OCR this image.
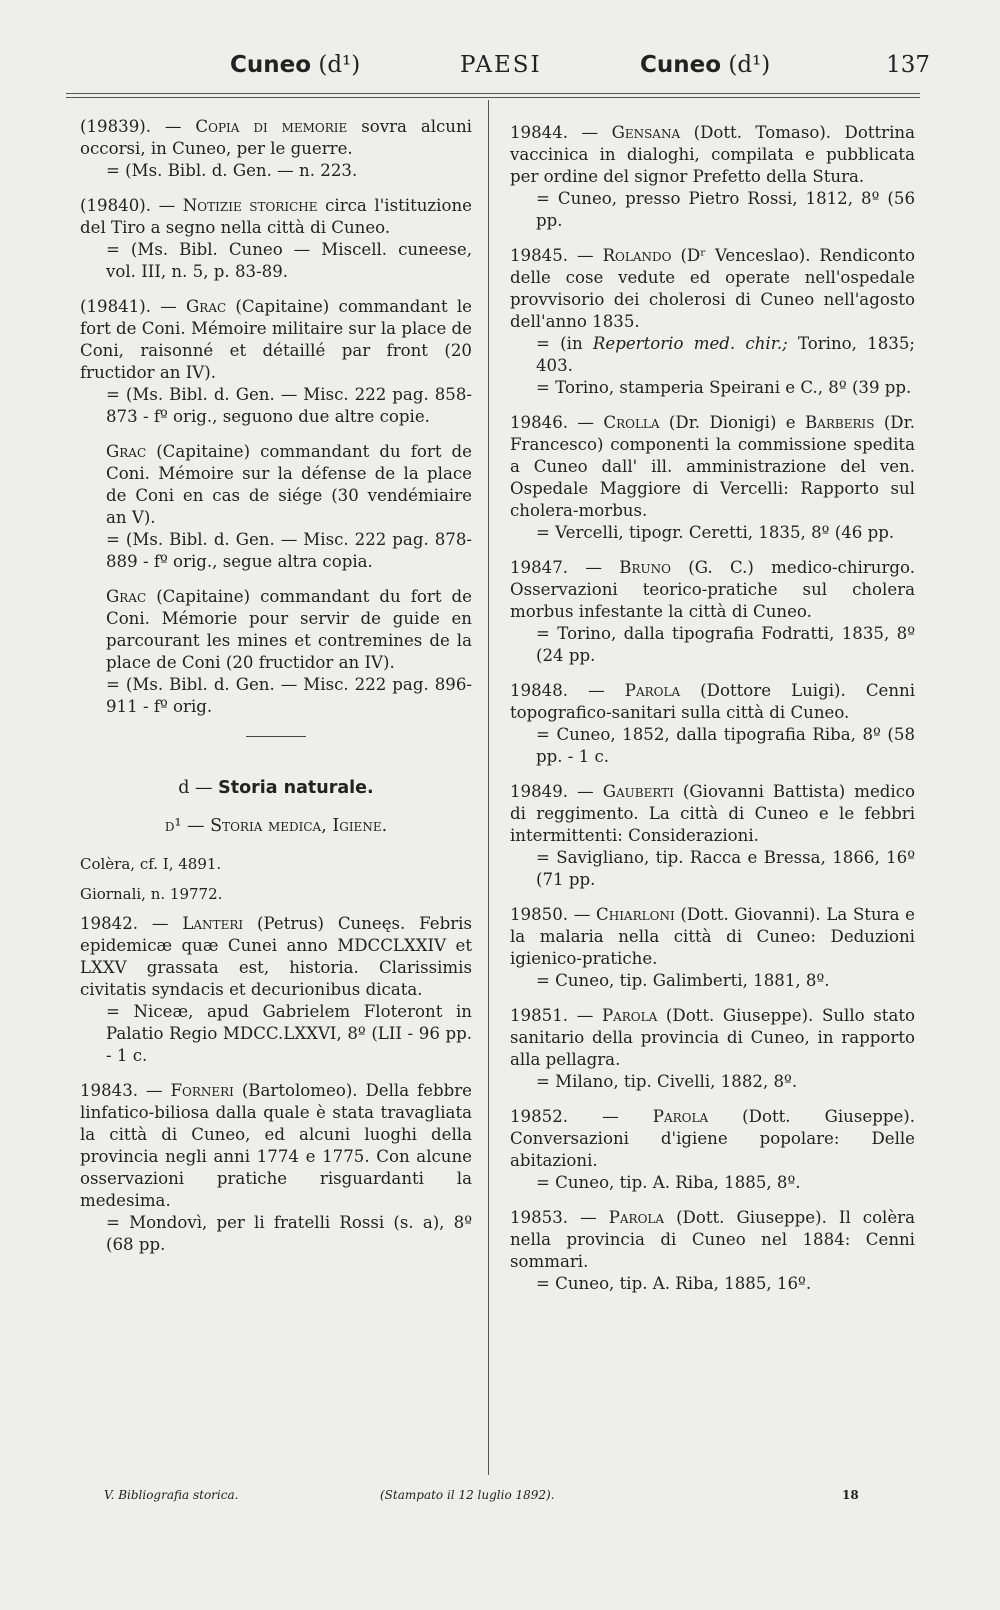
Cuneo (d¹)	PAESI	Cuneo (d¹)	137

(19839). — Copia di memorie sovra alcuni occorsi, in Cuneo, per le guerre.

= (Ms. Bibl. d. Gen. — n. 223.

(19840). — Notizie storiche circa l'istituzione del Tiro a segno nella città di Cuneo.

= (Ms. Bibl. Cuneo — Miscell. cuneese, vol. III, n. 5, p. 83-89.

(19841). — Grac (Capitaine) commandant le fort de Coni. Mémoire militaire sur la place de Coni, raisonné et détaillé par front (20 fructidor an IV).

= (Ms. Bibl. d. Gen. — Misc. 222 pag. 858-873 - fº orig., seguono due altre copie.

Grac (Capitaine) commandant du fort de Coni. Mémoire sur la défense de la place de Coni en cas de siége (30 vendémiaire an V).

= (Ms. Bibl. d. Gen. — Misc. 222 pag. 878-889 - fº orig., segue altra copia.

Grac (Capitaine) commandant du fort de Coni. Mémorie pour servir de guide en parcourant les mines et contremines de la place de Coni (20 fructidor an IV).

= (Ms. Bibl. d. Gen. — Misc. 222 pag. 896-911 - fº orig.

d — Storia naturale.

d¹ — Storia medica, Igiene.

Colèra, cf. I, 4891.

Giornali, n. 19772.

19842. — Lanteri (Petrus) Cuneęs. Febris epidemicæ quæ Cunei anno MDCCLXXIV et LXXV grassata est, historia. Clarissimis civitatis syndacis et decurionibus dicata.

= Niceæ, apud Gabrielem Floteront in Palatio Regio MDCC.LXXVI, 8º (LII - 96 pp. - 1 c.

19843. — Forneri (Bartolomeo). Della febbre linfatico-biliosa dalla quale è stata travagliata la città di Cuneo, ed alcuni luoghi della provincia negli anni 1774 e 1775. Con alcune osservazioni pratiche risguardanti la medesima.

= Mondovì, per li fratelli Rossi (s. a), 8º (68 pp.

19844. — Gensana (Dott. Tomaso). Dottrina vaccinica in dialoghi, compilata e pubblicata per ordine del signor Prefetto della Stura.

= Cuneo, presso Pietro Rossi, 1812, 8º (56 pp.

19845. — Rolando (Dʳ Venceslao). Rendiconto delle cose vedute ed operate nell'ospedale provvisorio dei cholerosi di Cuneo nell'agosto dell'anno 1835.

= (in Repertorio med. chir.; Torino, 1835; 403.

= Torino, stamperia Speirani e C., 8º (39 pp.

19846. — Crolla (Dr. Dionigi) e Barberis (Dr. Francesco) componenti la commissione spedita a Cuneo dall' ill. amministrazione del ven. Ospedale Maggiore di Vercelli: Rapporto sul cholera-morbus.

= Vercelli, tipogr. Ceretti, 1835, 8º (46 pp.

19847. — Bruno (G. C.) medico-chirurgo. Osservazioni teorico-pratiche sul cholera morbus infestante la città di Cuneo.

= Torino, dalla tipografia Fodratti, 1835, 8º (24 pp.

19848. — Parola (Dottore Luigi). Cenni topografico-sanitari sulla città di Cuneo.

= Cuneo, 1852, dalla tipografia Riba, 8º (58 pp. - 1 c.

19849. — Gauberti (Giovanni Battista) medico di reggimento. La città di Cuneo e le febbri intermittenti: Considerazioni.

= Savigliano, tip. Racca e Bressa, 1866, 16º (71 pp.

19850. — Chiarloni (Dott. Giovanni). La Stura e la malaria nella città di Cuneo: Deduzioni igienico-pratiche.

= Cuneo, tip. Galimberti, 1881, 8º.

19851. — Parola (Dott. Giuseppe). Sullo stato sanitario della provincia di Cuneo, in rapporto alla pellagra.

= Milano, tip. Civelli, 1882, 8º.

19852. — Parola (Dott. Giuseppe). Conversazioni d'igiene popolare: Delle abitazioni.

= Cuneo, tip. A. Riba, 1885, 8º.

19853. — Parola (Dott. Giuseppe). Il colèra nella provincia di Cuneo nel 1884: Cenni sommari.

= Cuneo, tip. A. Riba, 1885, 16º.

V. Bibliografia storica.	(Stampato il 12 luglio 1892).	18
